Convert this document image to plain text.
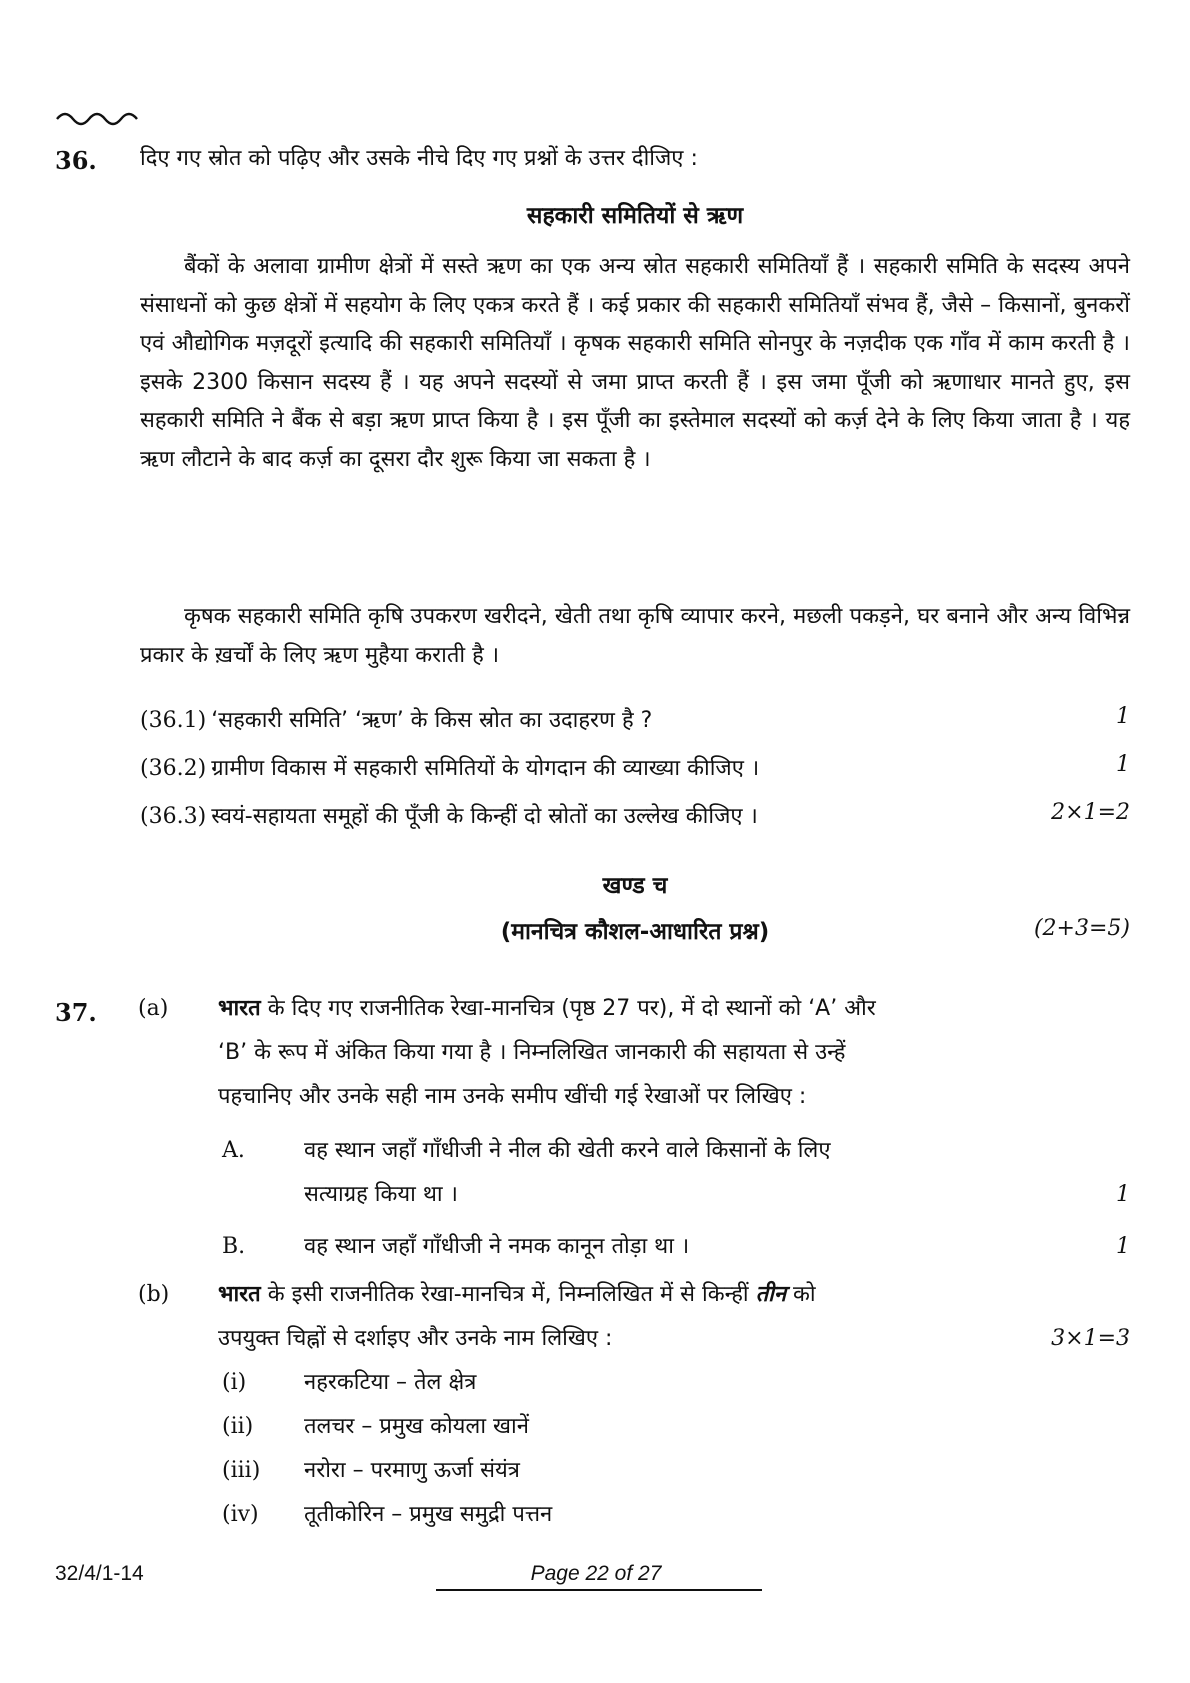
36. दिए गए स्रोत को पढ़िए और उसके नीचे दिए गए प्रश्नों के उत्तर दीजिए :
सहकारी समितियों से ऋण

बैंकों के अलावा ग्रामीण क्षेत्रों में सस्ते ऋण का एक अन्य स्रोत सहकारी समितियाँ हैं । सहकारी समिति के सदस्य अपने संसाधनों को कुछ क्षेत्रों में सहयोग के लिए एकत्र करते हैं । कई प्रकार की सहकारी समितियाँ संभव हैं, जैसे – किसानों, बुनकरों एवं औद्योगिक मज़दूरों इत्यादि की सहकारी समितियाँ । कृषक सहकारी समिति सोनपुर के नज़दीक एक गाँव में काम करती है । इसके 2300 किसान सदस्य हैं । यह अपने सदस्यों से जमा प्राप्त करती हैं । इस जमा पूँजी को ऋणाधार मानते हुए, इस सहकारी समिति ने बैंक से बड़ा ऋण प्राप्त किया है । इस पूँजी का इस्तेमाल सदस्यों को कर्ज़ देने के लिए किया जाता है । यह ऋण लौटाने के बाद कर्ज़ का दूसरा दौर शुरू किया जा सकता है ।

कृषक सहकारी समिति कृषि उपकरण खरीदने, खेती तथा कृषि व्यापार करने, मछली पकड़ने, घर बनाने और अन्य विभिन्न प्रकार के ख़र्चों के लिए ऋण मुहैया कराती है ।

(36.1) ‘सहकारी समिति’ ‘ऋण’ के किस स्रोत का उदाहरण है ?	1
(36.2) ग्रामीण विकास में सहकारी समितियों के योगदान की व्याख्या कीजिए ।	1
(36.3) स्वयं-सहायता समूहों की पूँजी के किन्हीं दो स्रोतों का उल्लेख कीजिए ।	2×1=2
खण्ड च
(मानचित्र कौशल-आधारित प्रश्न)	(2+3=5)
37. (a) भारत के दिए गए राजनीतिक रेखा-मानचित्र (पृष्ठ 27 पर), में दो स्थानों को ‘A’ और
‘B’ के रूप में अंकित किया गया है । निम्नलिखित जानकारी की सहायता से उन्हें
पहचानिए और उनके सही नाम उनके समीप खींची गई रेखाओं पर लिखिए :
A.	वह स्थान जहाँ गाँधीजी ने नील की खेती करने वाले किसानों के लिए
सत्याग्रह किया था ।	1
B.	वह स्थान जहाँ गाँधीजी ने नमक कानून तोड़ा था ।	1
(b) भारत के इसी राजनीतिक रेखा-मानचित्र में, निम्नलिखित में से किन्हीं तीन को
उपयुक्त चिह्नों से दर्शाइए और उनके नाम लिखिए :	3×1=3
(i)	नहरकटिया – तेल क्षेत्र
(ii) तलचर – प्रमुख कोयला खानें
(iii) नरोरा – परमाणु ऊर्जा संयंत्र
(iv) तूतीकोरिन – प्रमुख समुद्री पत्तन
32/4/1-14	Page 22 of 27
